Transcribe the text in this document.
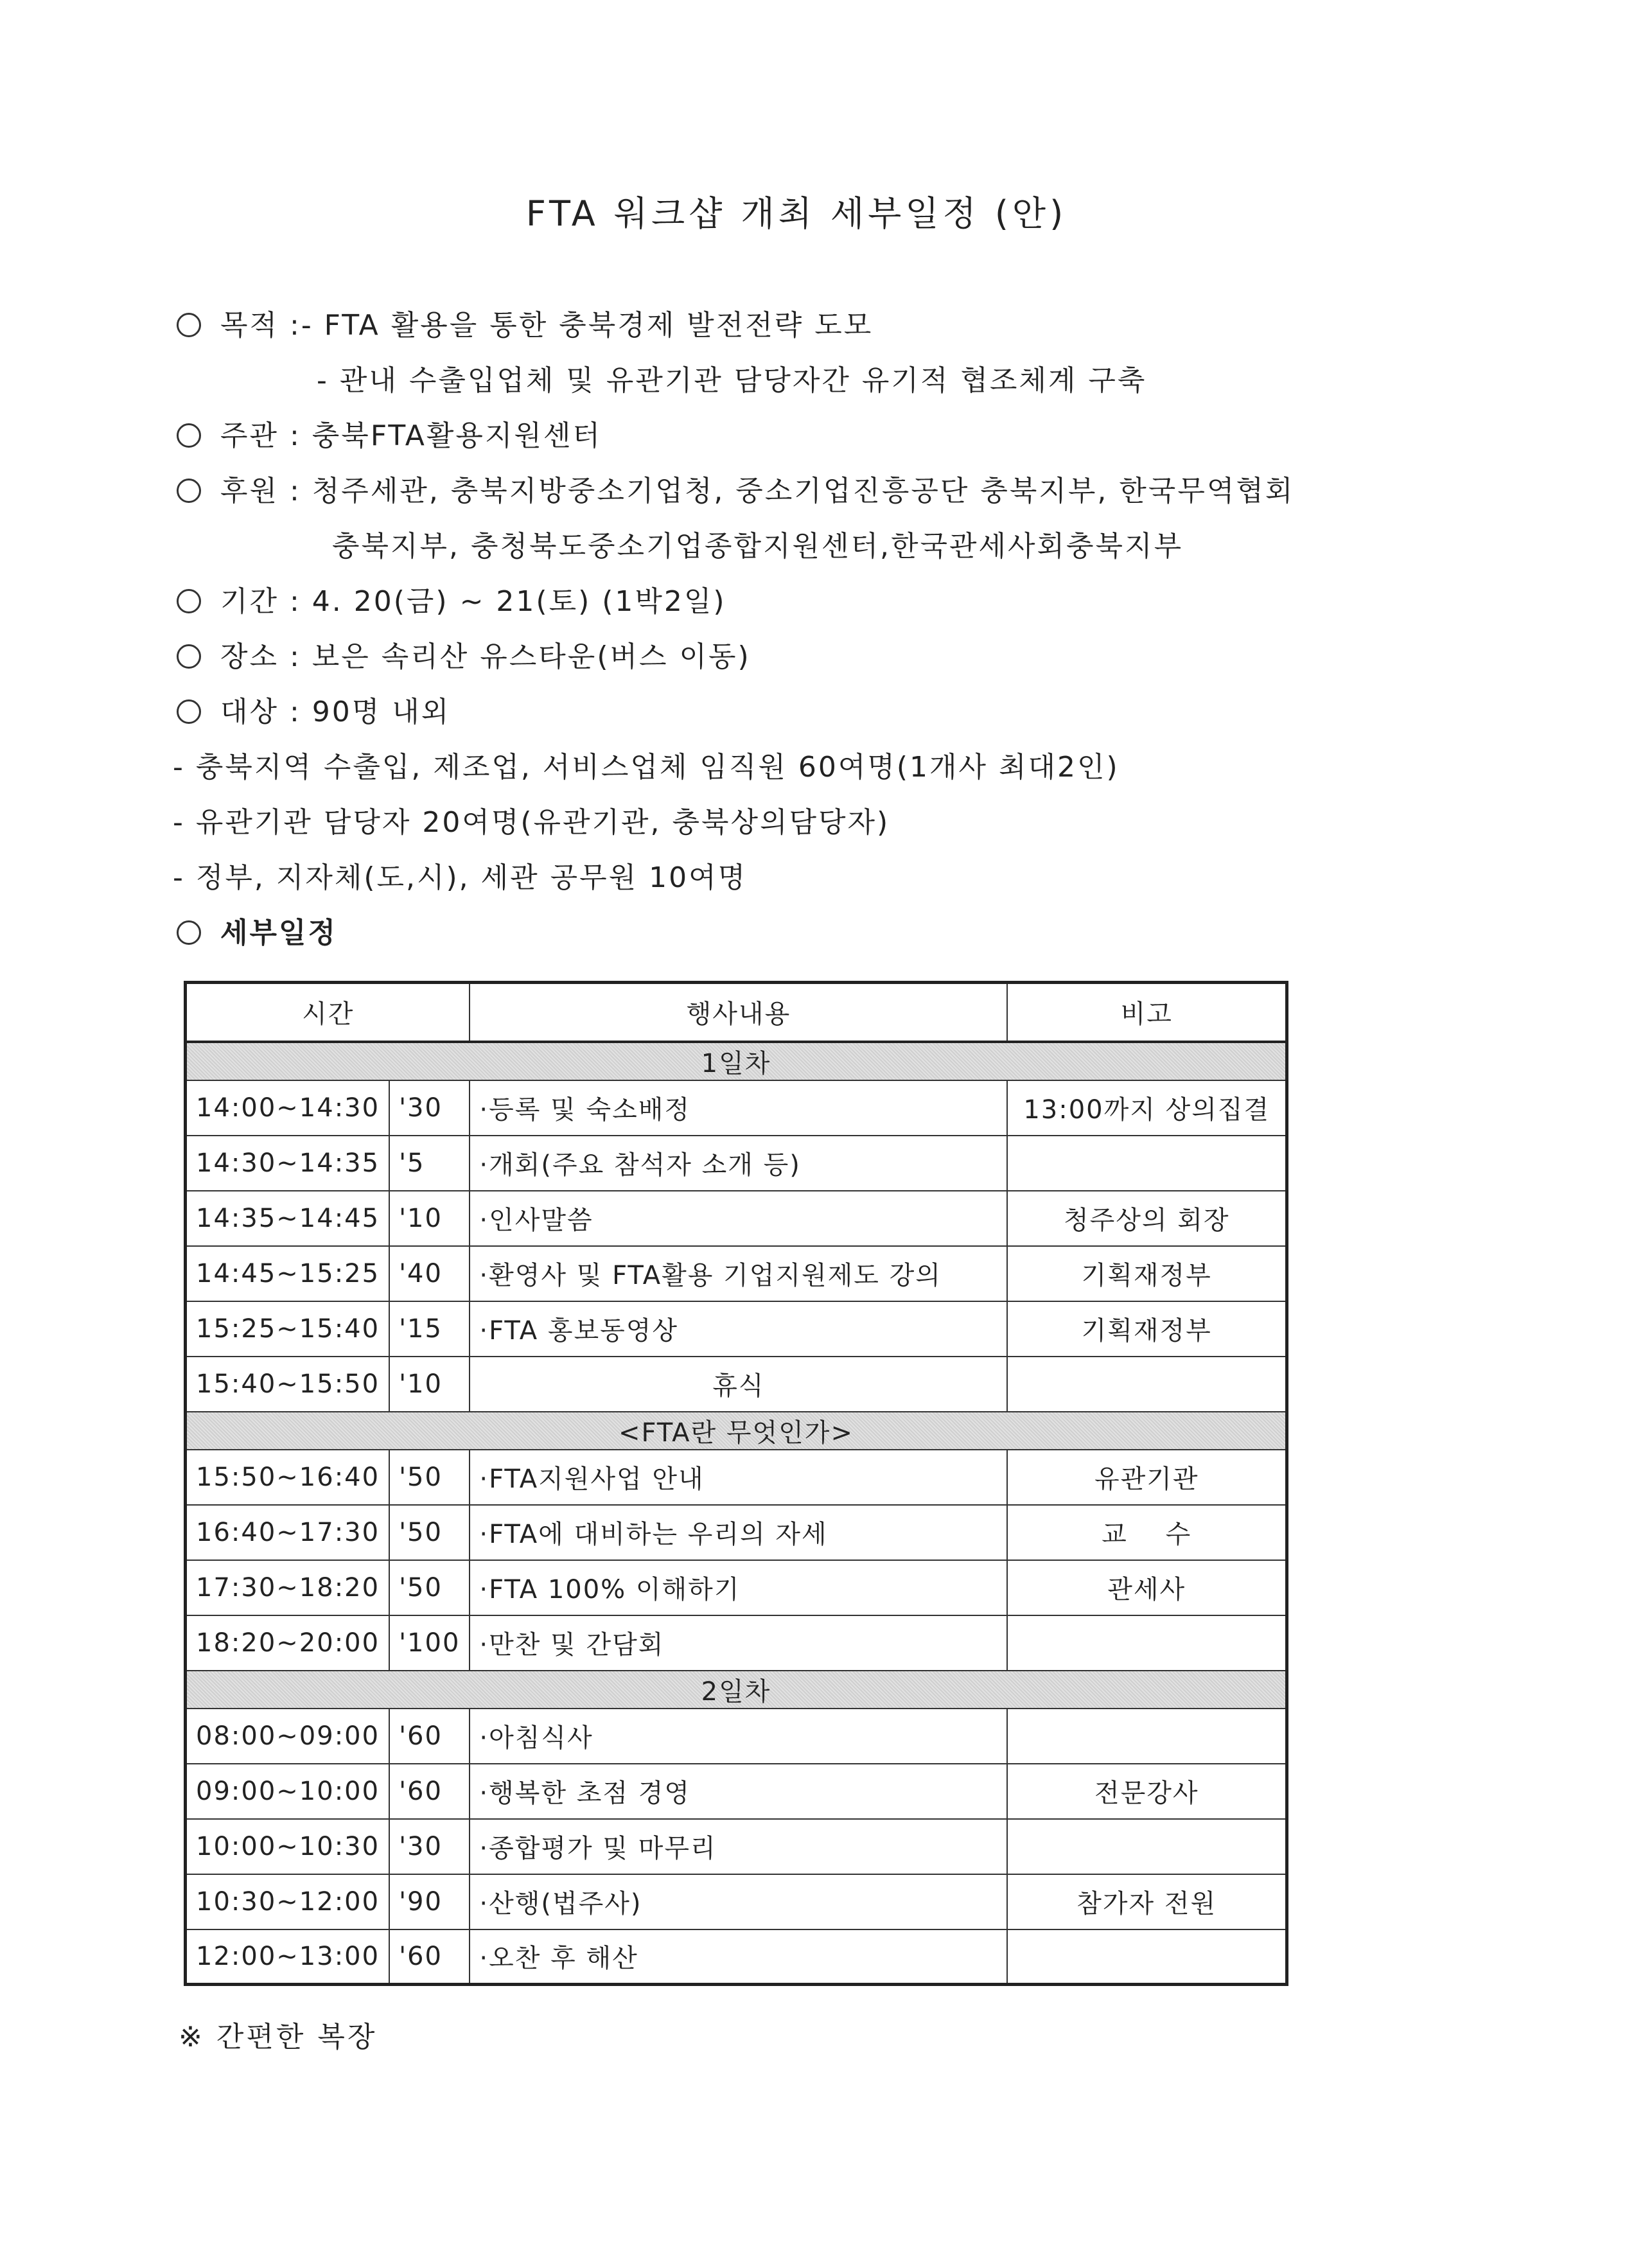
FTA 워크샵 개최 세부일정 (안)
목적 :- FTA 활용을 통한 충북경제 발전전략 도모
- 관내 수출입업체 및 유관기관 담당자간 유기적 협조체계 구축
주관 : 충북FTA활용지원센터
후원 : 청주세관, 충북지방중소기업청, 중소기업진흥공단 충북지부, 한국무역협회
충북지부, 충청북도중소기업종합지원센터,한국관세사회충북지부
기간 : 4. 20(금) ~ 21(토) (1박2일)
장소 : 보은 속리산 유스타운(버스 이동)
대상 : 90명 내외
- 충북지역 수출입, 제조업, 서비스업체 임직원 60여명(1개사 최대2인)
- 유관기관 담당자 20여명(유관기관, 충북상의담당자)
- 정부, 지자체(도,시), 세관 공무원 10여명
세부일정
시간		행사내용	비고
1일차			
14:00~14:30	'30	·등록 및 숙소배정	13:00까지 상의집결
14:30~14:35	'5	·개회(주요 참석자 소개 등)	
14:35~14:45	'10	·인사말씀	청주상의 회장
14:45~15:25	'40	·환영사 및 FTA활용 기업지원제도 강의	기획재정부
15:25~15:40	'15	·FTA 홍보동영상	기획재정부
15:40~15:50	'10	휴식	
<FTA란 무엇인가>			
15:50~16:40	'50	·FTA지원사업 안내	유관기관
16:40~17:30	'50	·FTA에 대비하는 우리의 자세	교    수
17:30~18:20	'50	·FTA 100% 이해하기	관세사
18:20~20:00	'100	·만찬 및 간담회	
2일차			
08:00~09:00	'60	·아침식사	
09:00~10:00	'60	·행복한 초점 경영	전문강사
10:00~10:30	'30	·종합평가 및 마무리	
10:30~12:00	'90	·산행(법주사)	참가자 전원
12:00~13:00	'60	·오찬 후 해산	
※ 간편한 복장
